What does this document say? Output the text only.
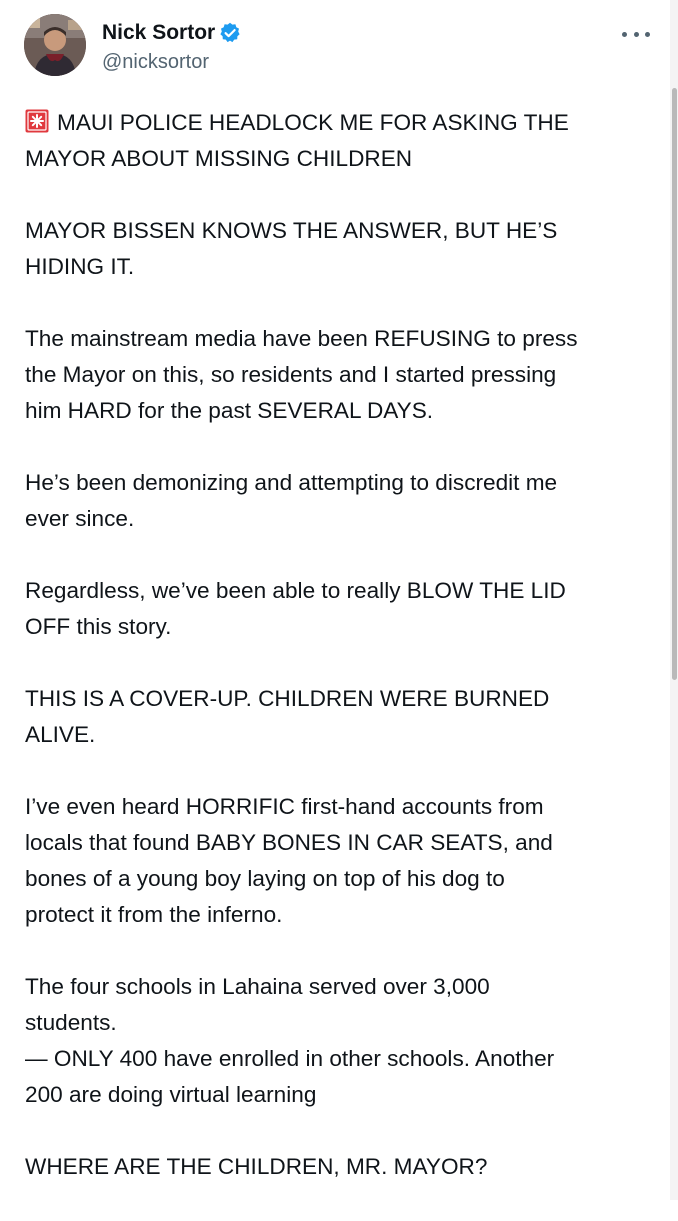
Nick Sortor
@nicksortor
MAUI POLICE HEADLOCK ME FOR ASKING THE
MAYOR ABOUT MISSING CHILDREN
MAYOR BISSEN KNOWS THE ANSWER, BUT HE’S
HIDING IT.
The mainstream media have been REFUSING to press
the Mayor on this, so residents and I started pressing
him HARD for the past SEVERAL DAYS.
He’s been demonizing and attempting to discredit me
ever since.
Regardless, we’ve been able to really BLOW THE LID
OFF this story.
THIS IS A COVER-UP. CHILDREN WERE BURNED
ALIVE.
I’ve even heard HORRIFIC first-hand accounts from
locals that found BABY BONES IN CAR SEATS, and
bones of a young boy laying on top of his dog to
protect it from the inferno.
The four schools in Lahaina served over 3,000
students.
— ONLY 400 have enrolled in other schools. Another
200 are doing virtual learning
WHERE ARE THE CHILDREN, MR. MAYOR?
